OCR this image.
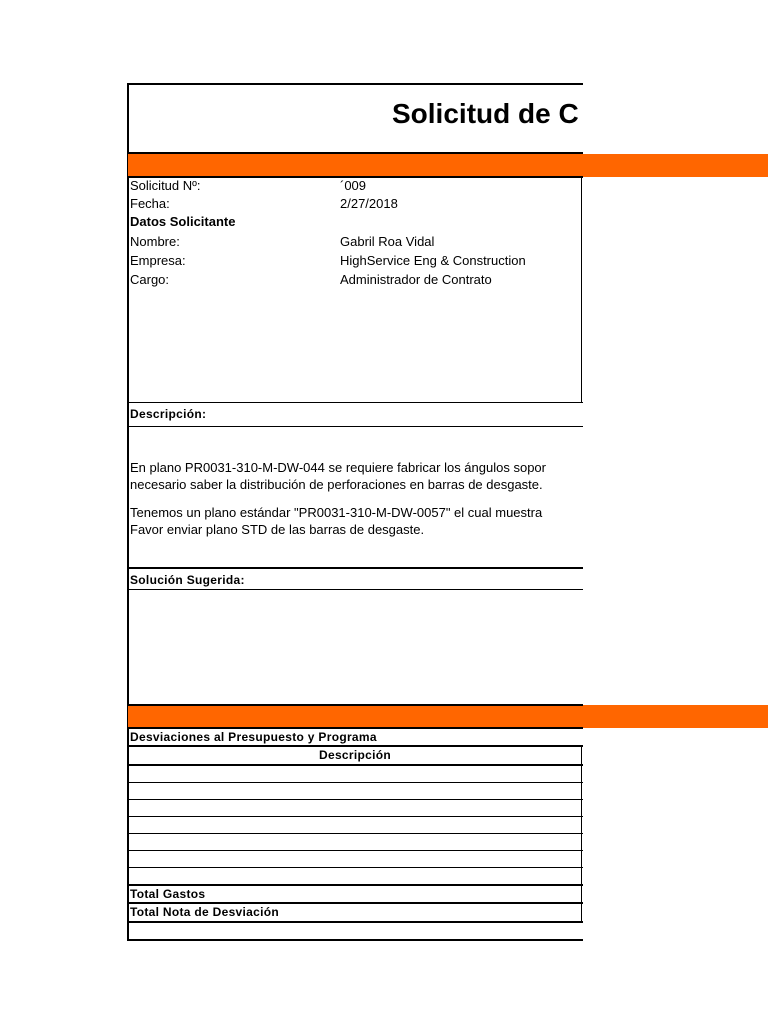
Solicitud de C
Solicitud Nº:	´009
Fecha:	2/27/2018
Datos Solicitante
Nombre:	Gabril Roa Vidal
Empresa:	HighService Eng & Construction
Cargo:	Administrador de Contrato
Descripción:
En plano PR0031-310-M-DW-044 se requiere fabricar los ángulos sopor
necesario saber la distribución de perforaciones en barras de desgaste.
Tenemos un plano estándar "PR0031-310-M-DW-0057" el cual muestra
Favor enviar plano STD de las barras de desgaste.
Solución Sugerida:
Desviaciones al Presupuesto y Programa
Descripción
Total Gastos
Total Nota de Desviación
